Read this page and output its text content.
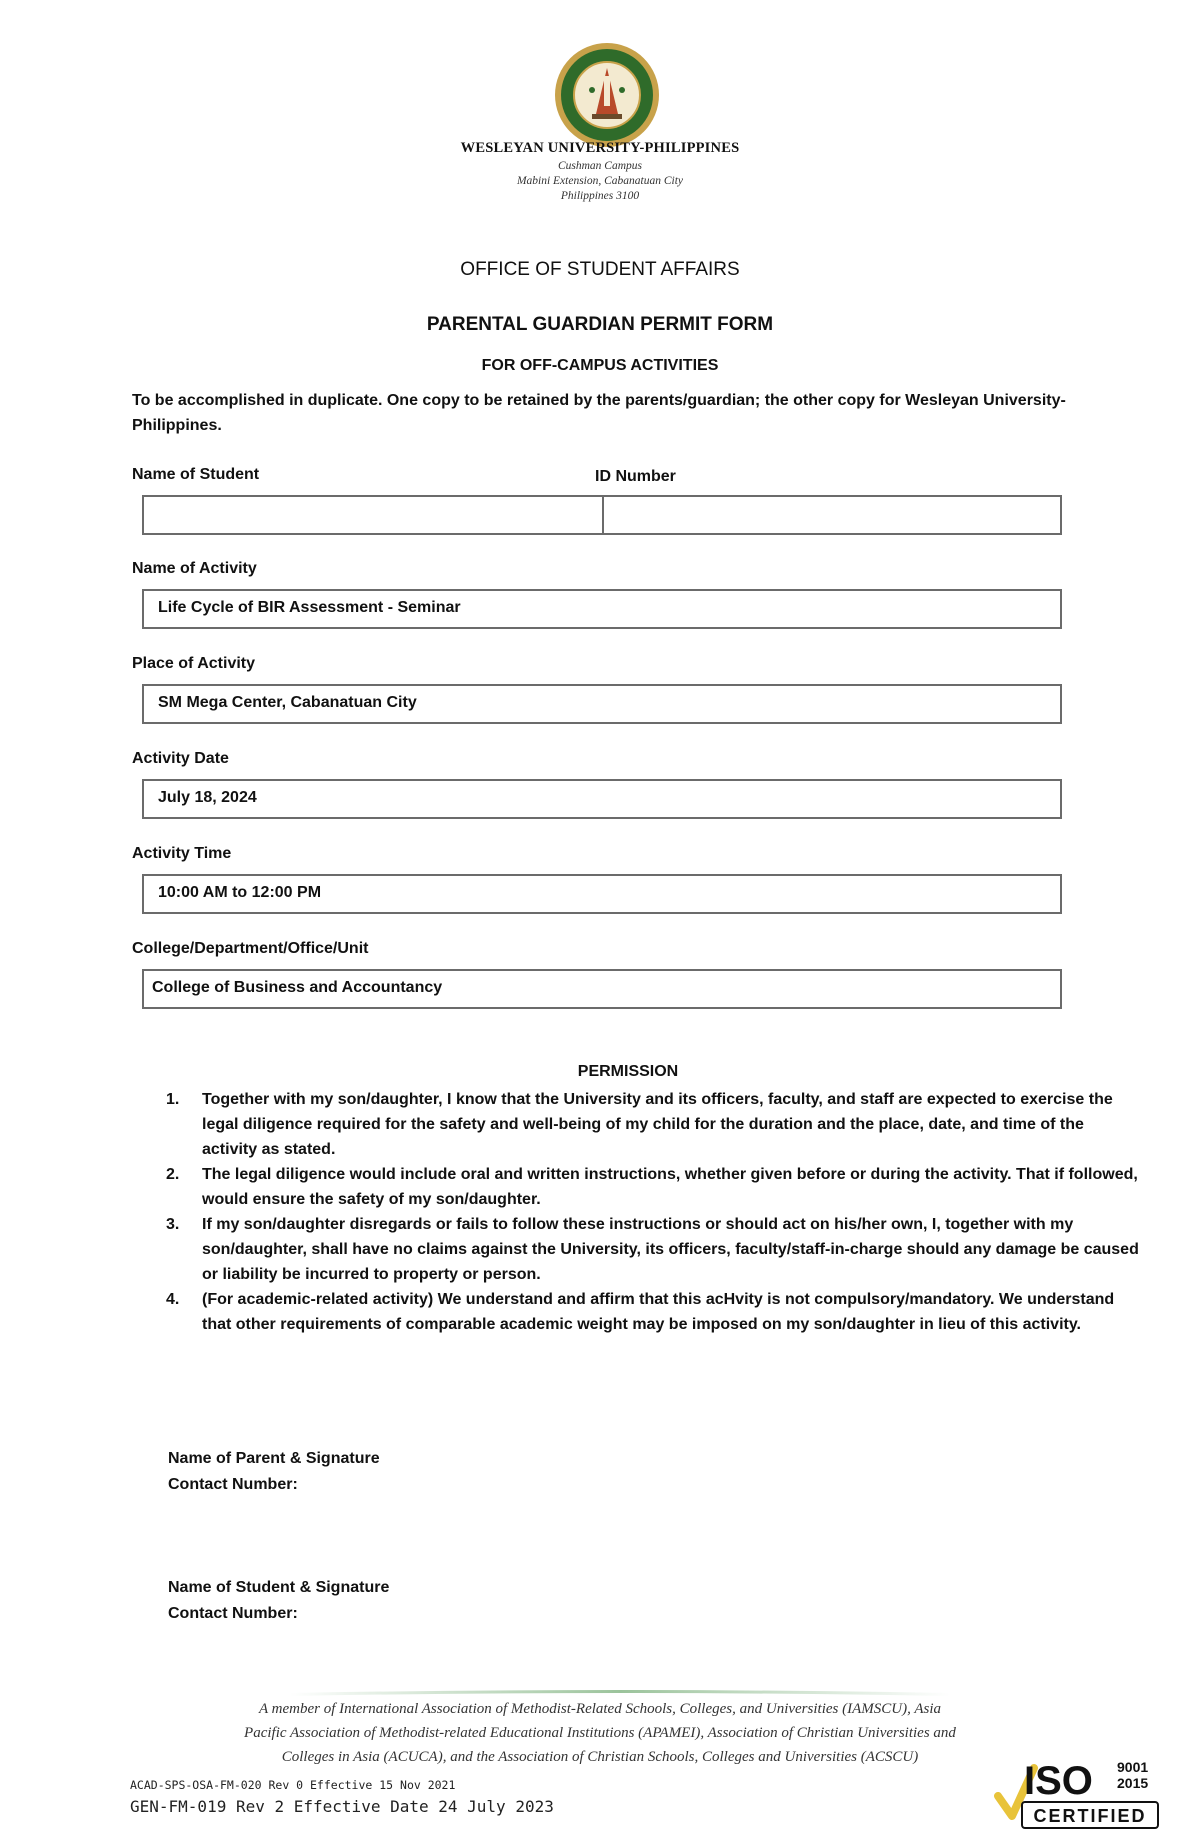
WESLEYAN UNIVERSITY-PHILIPPINES
Cushman Campus
Mabini Extension, Cabanatuan City
Philippines 3100
OFFICE OF STUDENT AFFAIRS
PARENTAL GUARDIAN PERMIT FORM
FOR OFF-CAMPUS ACTIVITIES
To be accomplished in duplicate. One copy to be retained by the parents/guardian; the other copy for Wesleyan University-Philippines.
Name of Student	ID Number
Name of Activity
Life Cycle of BIR Assessment - Seminar
Place of Activity
SM Mega Center, Cabanatuan City
Activity Date
July 18, 2024
Activity Time
10:00 AM to 12:00 PM
College/Department/Office/Unit
College of Business and Accountancy
PERMISSION
1. Together with my son/daughter, I know that the University and its officers, faculty, and staff are expected to exercise the legal diligence required for the safety and well-being of my child for the duration and the place, date, and time of the activity as stated.
2. The legal diligence would include oral and written instructions, whether given before or during the activity. That if followed, would ensure the safety of my son/daughter.
3. If my son/daughter disregards or fails to follow these instructions or should act on his/her own, I, together with my son/daughter, shall have no claims against the University, its officers, faculty/staff-in-charge should any damage be caused or liability be incurred to property or person.
4. (For academic-related activity) We understand and affirm that this acHvity is not compulsory/mandatory. We understand that other requirements of comparable academic weight may be imposed on my son/daughter in lieu of this activity.
Name of Parent & Signature
Contact Number:
Name of Student & Signature
Contact Number:
A member of International Association of Methodist-Related Schools, Colleges, and Universities (IAMSCU), Asia
Pacific Association of Methodist-related Educational Institutions (APAMEI), Association of Christian Universities and
Colleges in Asia (ACUCA), and the Association of Christian Schools, Colleges and Universities (ACSCU)
ACAD-SPS-OSA-FM-020 Rev 0 Effective 15 Nov 2021
GEN-FM-019 Rev 2 Effective Date 24 July 2023
ISO 9001
2015
CERTIFIED
